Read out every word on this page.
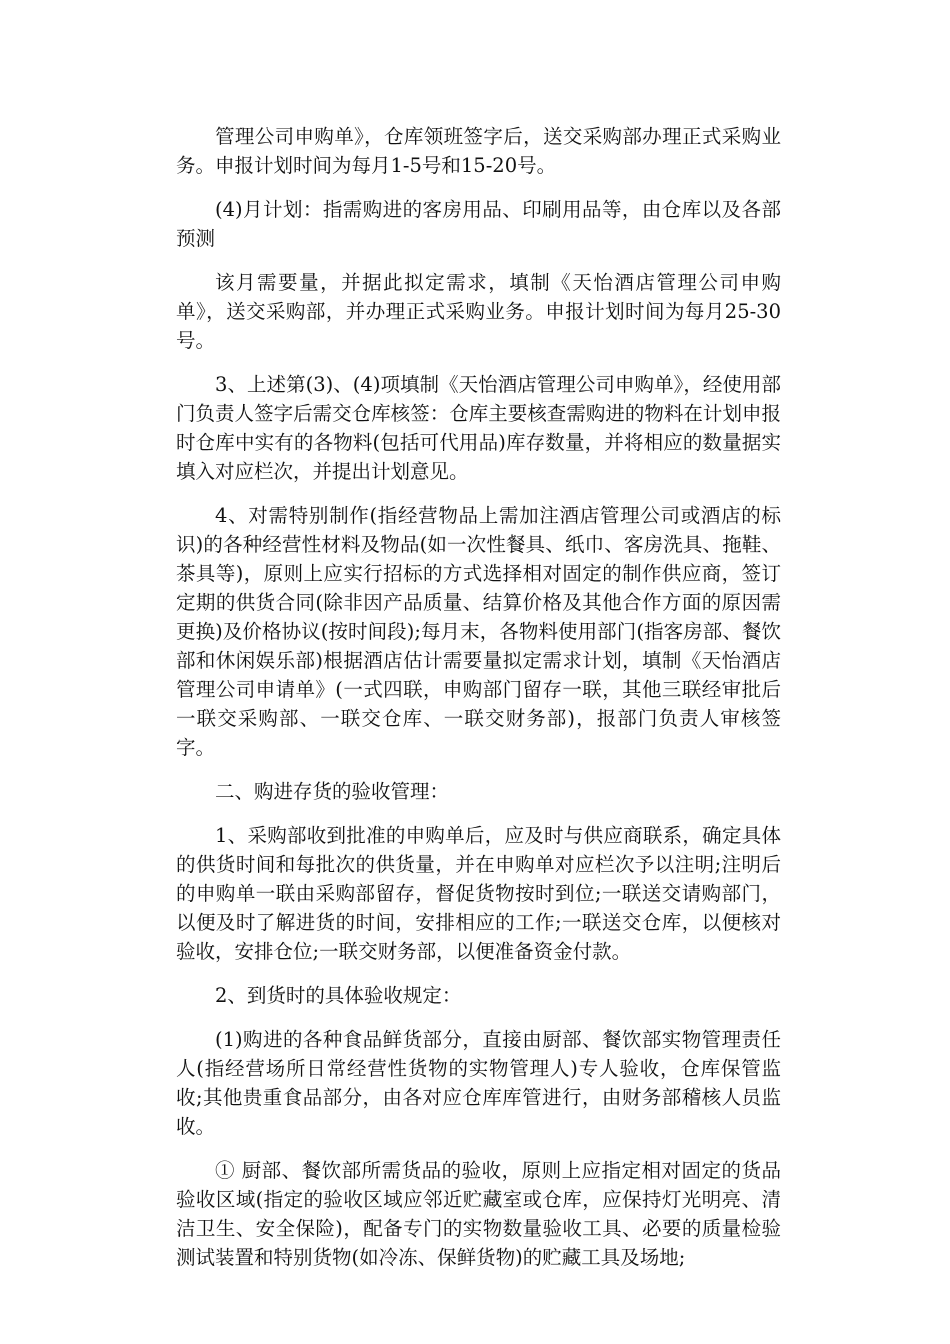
管理公司申购单》，仓库领班签字后，送交采购部办理正式采购业务。申报计划时间为每月1-5号和15-20号。

(4)月计划：指需购进的客房用品、印刷用品等，由仓库以及各部预测

该月需要量，并据此拟定需求，填制《天怡酒店管理公司申购单》，送交采购部，并办理正式采购业务。申报计划时间为每月25-30号。

3、上述第(3)、(4)项填制《天怡酒店管理公司申购单》，经使用部门负责人签字后需交仓库核签：仓库主要核查需购进的物料在计划申报时仓库中实有的各物料(包括可代用品)库存数量，并将相应的数量据实填入对应栏次，并提出计划意见。

4、对需特别制作(指经营物品上需加注酒店管理公司或酒店的标识)的各种经营性材料及物品(如一次性餐具、纸巾、客房洗具、拖鞋、茶具等)，原则上应实行招标的方式选择相对固定的制作供应商，签订定期的供货合同(除非因产品质量、结算价格及其他合作方面的原因需更换)及价格协议(按时间段);每月末，各物料使用部门(指客房部、餐饮部和休闲娱乐部)根据酒店估计需要量拟定需求计划，填制《天怡酒店管理公司申请单》(一式四联，申购部门留存一联，其他三联经审批后一联交采购部、一联交仓库、一联交财务部)，报部门负责人审核签字。

二、购进存货的验收管理：

1、采购部收到批准的申购单后，应及时与供应商联系，确定具体的供货时间和每批次的供货量，并在申购单对应栏次予以注明;注明后的申购单一联由采购部留存，督促货物按时到位;一联送交请购部门，以便及时了解进货的时间，安排相应的工作;一联送交仓库，以便核对验收，安排仓位;一联交财务部，以便准备资金付款。

2、到货时的具体验收规定：

(1)购进的各种食品鲜货部分，直接由厨部、餐饮部实物管理责任人(指经营场所日常经营性货物的实物管理人)专人验收，仓库保管监收;其他贵重食品部分，由各对应仓库库管进行，由财务部稽核人员监收。

① 厨部、餐饮部所需货品的验收，原则上应指定相对固定的货品验收区域(指定的验收区域应邻近贮藏室或仓库，应保持灯光明亮、清洁卫生、安全保险)，配备专门的实物数量验收工具、必要的质量检验测试装置和特别货物(如冷冻、保鲜货物)的贮藏工具及场地;
